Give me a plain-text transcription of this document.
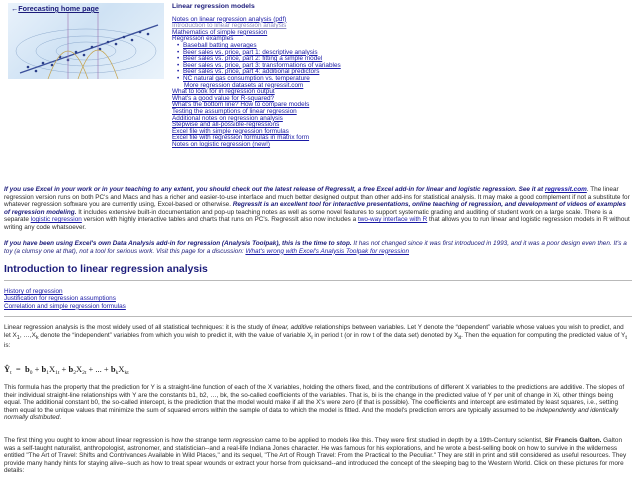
←Forecasting home page	Linear regression models
Notes on linear regression analysis (pdf)
Introduction to linear regression analysis
Mathematics of simple regression
Regression examples
• Baseball batting averages
• Beer sales vs. price, part 1: descriptive analysis
• Beer sales vs. price, part 2: fitting a simple model
• Beer sales vs. price, part 3: transformations of variables
• Beer sales vs. price, part 4: additional predictors
• NC natural gas consumption vs. temperature
More regression datasets at regressit.com
What to look for in regression output
What's a good value for R-squared?
What's the bottom line? How to compare models
Testing the assumptions of linear regression
Additional notes on regression analysis
Stepwise and all-possible-regressions
Excel file with simple regression formulas
Excel file with regression formulas in matrix form
Notes on logistic regression (new!)
If you use Excel in your work or in your teaching to any extent, you should check out the latest release of RegressIt, a free Excel add-in for linear and logistic regression. See it at regressit.com. The linear regression version runs on both PC's and Macs and has a richer and easier-to-use interface and much better designed output than other add-ins for statistical analysis. It may make a good complement if not a substitute for whatever regression software you are currently using, Excel-based or otherwise. RegressIt is an excellent tool for interactive presentations, online teaching of regression, and development of videos of examples of regression modeling. It includes extensive built-in documentation and pop-up teaching notes as well as some novel features to support systematic grading and auditing of student work on a large scale. There is a separate logistic regression version with highly interactive tables and charts that runs on PC's. RegressIt also now includes a two-way interface with R that allows you to run linear and logistic regression models in R without writing any code whatsoever.
If you have been using Excel's own Data Analysis add-in for regression (Analysis Toolpak), this is the time to stop. It has not changed since it was first introduced in 1993, and it was a poor design even then. It's a toy (a clumsy one at that), not a tool for serious work. Visit this page for a discussion: What's wrong with Excel's Analysis Toolpak for regression
Introduction to linear regression analysis
History of regression
Justification for regression assumptions
Correlation and simple regression formulas
Linear regression analysis is the most widely used of all statistical techniques: it is the study of linear, additive relationships between variables. Let Y denote the “dependent” variable whose values you wish to predict, and let X1, …,Xk denote the “independent” variables from which you wish to predict it, with the value of variable Xi in period t (or in row t of the data set) denoted by Xit. Then the equation for computing the predicted value of Yt is:
$Ŷ_t = b_0 + b_1X_{1t} + b_2X_{2t}$ + ... + $b_kX_{kt}$
This formula has the property that the prediction for Y is a straight-line function of each of the X variables, holding the others fixed, and the contributions of different X variables to the predictions are additive. The slopes of their individual straight-line relationships with Y are the constants b1, b2, …, bk, the so-called coefficients of the variables. That is, bi is the change in the predicted value of Y per unit of change in Xi, other things being equal. The additional constant b0, the so-called intercept, is the prediction that the model would make if all the X's were zero (if that is possible). The coefficients and intercept are estimated by least squares, i.e., setting them equal to the unique values that minimize the sum of squared errors within the sample of data to which the model is fitted. And the model's prediction errors are typically assumed to be independently and identically normally distributed.
The first thing you ought to know about linear regression is how the strange term regression came to be applied to models like this. They were first studied in depth by a 19th-Century scientist, Sir Francis Galton. Galton was a self-taught naturalist, anthropologist, astronomer, and statistician--and a real-life Indiana Jones character. He was famous for his explorations, and he wrote a best-selling book on how to survive in the wilderness entitled "The Art of Travel: Shifts and Contrivances Available in Wild Places," and its sequel, "The Art of Rough Travel: From the Practical to the Peculiar." They are still in print and still considered as useful resources. They provide many handy hints for staying alive--such as how to treat spear wounds or extract your horse from quicksand--and introduced the concept of the sleeping bag to the Western World. Click on these pictures for more details:
